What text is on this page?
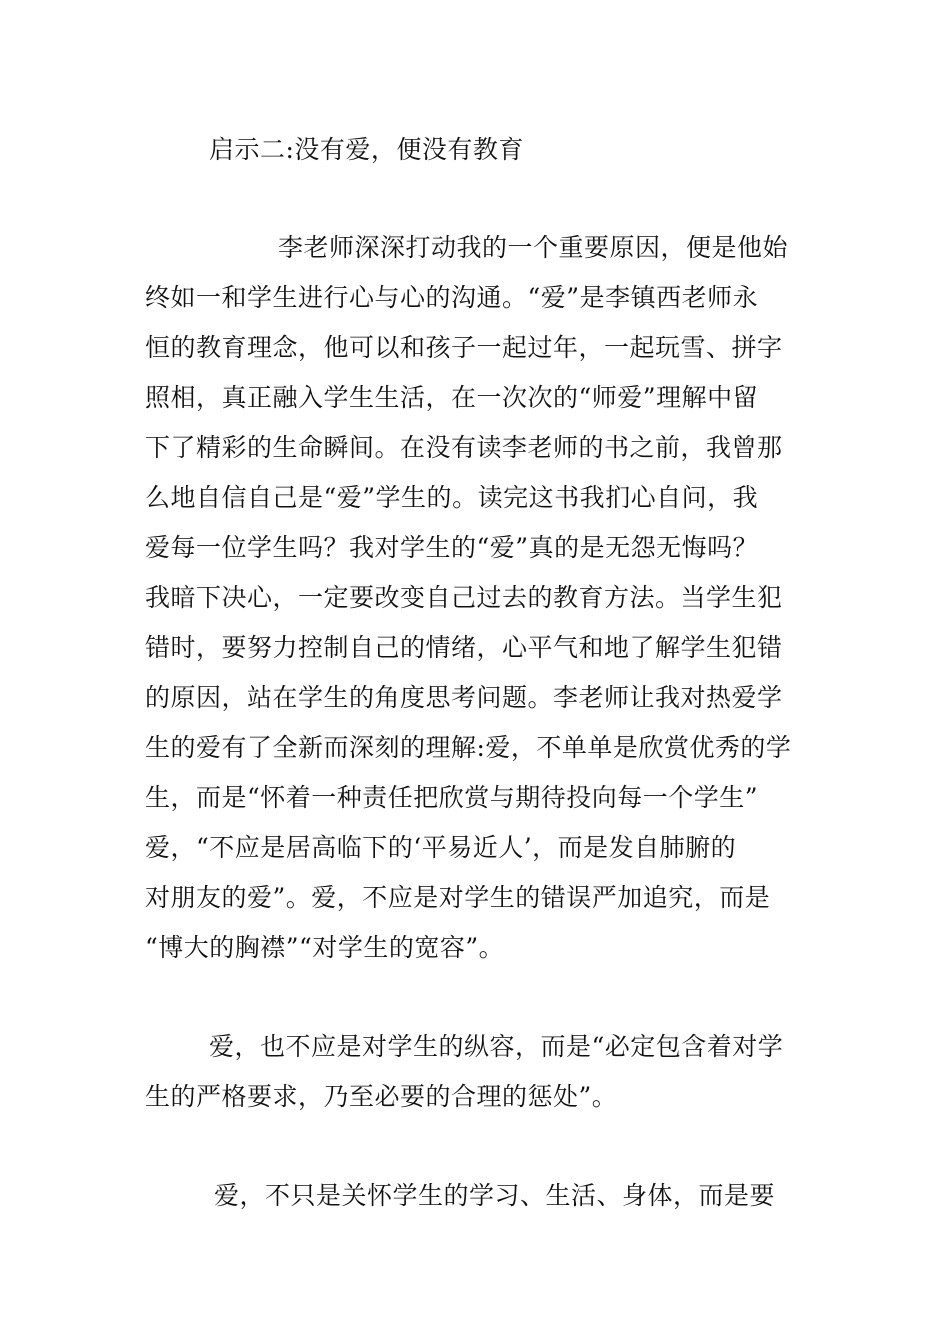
启示二:没有爱，便没有教育
李老师深深打动我的一个重要原因，便是他始
终如一和学生进行心与心的沟通。“爱”是李镇西老师永
恒的教育理念，他可以和孩子一起过年，一起玩雪、拼字
照相，真正融入学生生活，在一次次的“师爱”理解中留
下了精彩的生命瞬间。在没有读李老师的书之前，我曾那
么地自信自己是“爱”学生的。读完这书我扪心自问，我
爱每一位学生吗？我对学生的“爱”真的是无怨无悔吗？
我暗下决心，一定要改变自己过去的教育方法。当学生犯
错时，要努力控制自己的情绪，心平气和地了解学生犯错
的原因，站在学生的角度思考问题。李老师让我对热爱学
生的爱有了全新而深刻的理解:爱，不单单是欣赏优秀的学
生，而是“怀着一种责任把欣赏与期待投向每一个学生”
爱，“不应是居高临下的‘平易近人’，而是发自肺腑的
对朋友的爱”。爱，不应是对学生的错误严加追究，而是
“博大的胸襟”“对学生的宽容”。
爱，也不应是对学生的纵容，而是“必定包含着对学
生的严格要求，乃至必要的合理的惩处”。
爱，不只是关怀学生的学习、生活、身体，而是要
